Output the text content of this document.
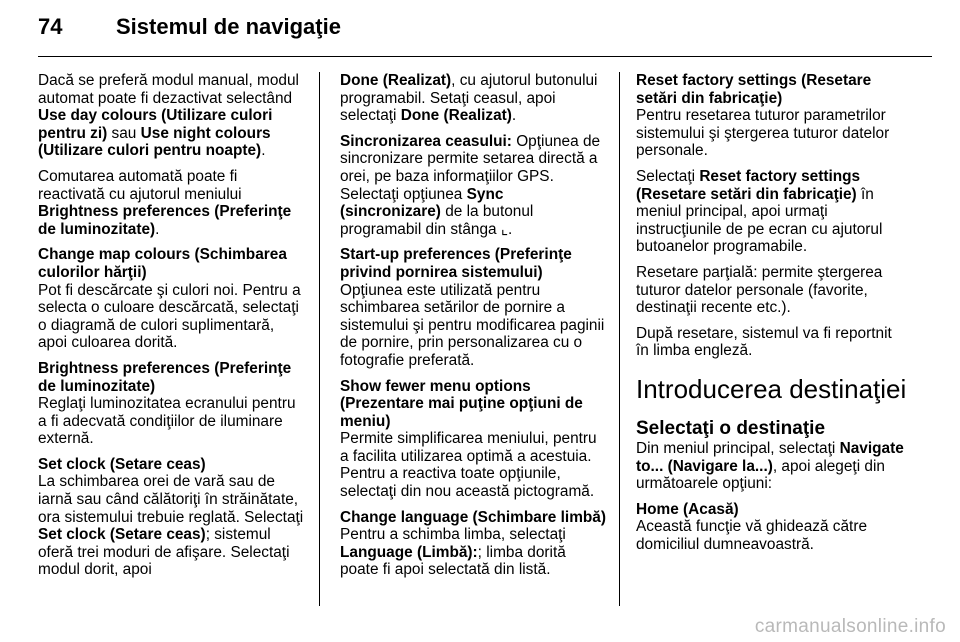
74 Sistemul de navigaţie

Dacă se preferă modul manual, modul automat poate fi dezactivat selectând Use day colours (Utilizare culori pentru zi) sau Use night colours (Utilizare culori pentru noapte).

Comutarea automată poate fi reactivată cu ajutorul meniului Brightness preferences (Preferinţe de luminozitate).

Change map colours (Schimbarea culorilor hărţii)

Pot fi descărcate şi culori noi. Pentru a selecta o culoare descărcată, selectaţi o diagramă de culori suplimentară, apoi culoarea dorită.

Brightness preferences (Preferinţe de luminozitate)

Reglaţi luminozitatea ecranului pentru a fi adecvată condiţiilor de iluminare externă.

Set clock (Setare ceas)

La schimbarea orei de vară sau de iarnă sau când călătoriţi în străinătate, ora sistemului trebuie reglată. Selectaţi Set clock (Setare ceas); sistemul oferă trei moduri de afişare. Selectaţi modul dorit, apoi

Done (Realizat), cu ajutorul butonului programabil. Setaţi ceasul, apoi selectaţi Done (Realizat).

Sincronizarea ceasului: Opţiunea de sincronizare permite setarea directă a orei, pe baza informaţiilor GPS. Selectaţi opţiunea Sync (sincronizare) de la butonul programabil din stânga ⌞.

Start-up preferences (Preferinţe privind pornirea sistemului)

Opţiunea este utilizată pentru schimbarea setărilor de pornire a sistemului şi pentru modificarea paginii de pornire, prin personalizarea cu o fotografie preferată.

Show fewer menu options (Prezentare mai puţine opţiuni de meniu)

Permite simplificarea meniului, pentru a facilita utilizarea optimă a acestuia. Pentru a reactiva toate opţiunile, selectaţi din nou această pictogramă.

Change language (Schimbare limbă)

Pentru a schimba limba, selectaţi Language (Limbă):; limba dorită poate fi apoi selectată din listă.

Reset factory settings (Resetare setări din fabricaţie)

Pentru resetarea tuturor parametrilor sistemului şi ştergerea tuturor datelor personale.

Selectaţi Reset factory settings (Resetare setări din fabricaţie) în meniul principal, apoi urmaţi instrucţiunile de pe ecran cu ajutorul butoanelor programabile.

Resetare parţială: permite ştergerea tuturor datelor personale (favorite, destinaţii recente etc.).

După resetare, sistemul va fi reportnit în limba engleză.

Introducerea destinaţiei

Selectaţi o destinaţie

Din meniul principal, selectaţi Navigate to... (Navigare la...), apoi alegeţi din următoarele opţiuni:

Home (Acasă)

Această funcţie vă ghidează către domiciliul dumneavoastră.

carmanualsonline.info
